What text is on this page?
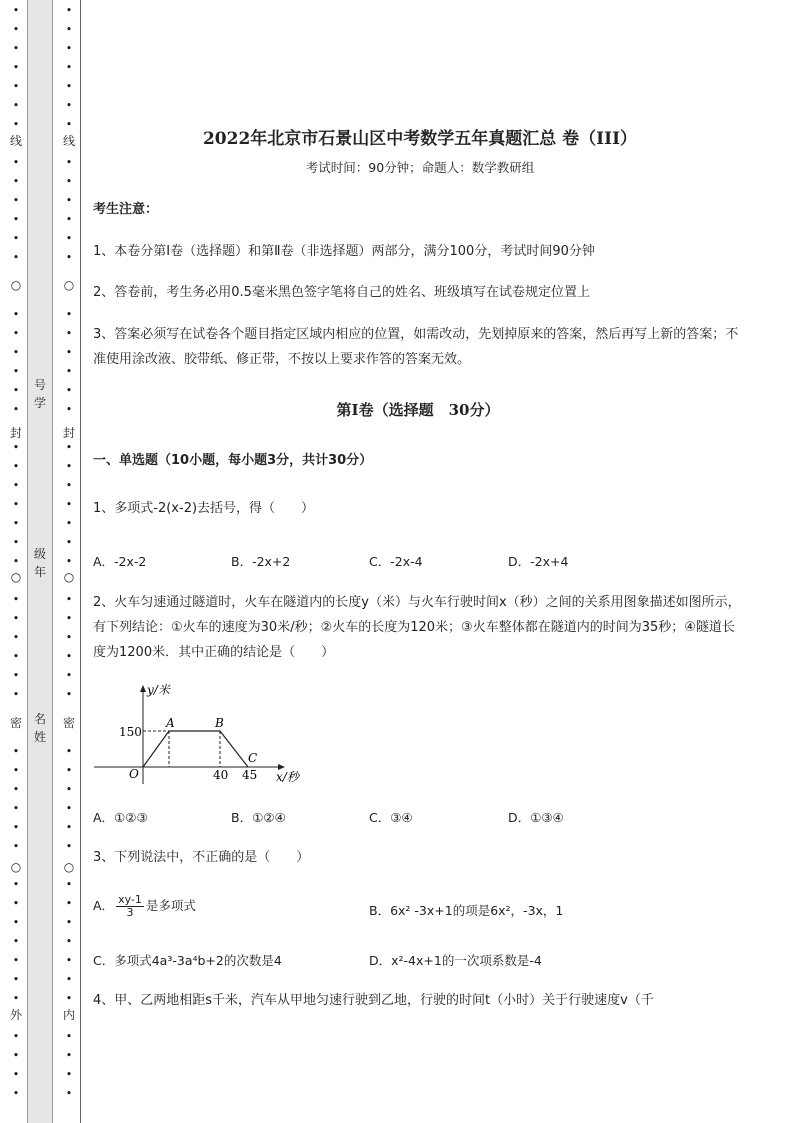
•
•
•
•
•
•
•
•
•
•
•
•
•
•
•
•
•
•
•
•
•
•
•
•
•
•
•
•
•
•
•
•
•
•
•
•
•
•
•
•
•
•
•
•
•
•
•
•
•
线
○
封
○
密
○
外
•
•
•
•
•
•
•
•
•
•
•
•
•
•
•
•
•
•
•
•
•
•
•
•
•
•
•
•
•
•
•
•
•
•
•
•
•
•
•
•
•
•
•
•
•
•
•
•
•
线
○
封
○
密
○
内
号学
级年
名姓
2022年北京市石景山区中考数学五年真题汇总 卷（III）
考试时间：90分钟；命题人：数学教研组
考生注意：
1、本卷分第I卷（选择题）和第Ⅱ卷（非选择题）两部分，满分100分，考试时间90分钟
2、答卷前，考生务必用0.5毫米黑色签字笔将自己的姓名、班级填写在试卷规定位置上
3、答案必须写在试卷各个题目指定区域内相应的位置，如需改动，先划掉原来的答案，然后再写上新的答案；不准使用涂改液、胶带纸、修正带，不按以上要求作答的答案无效。
第I卷（选择题　30分）
一、单选题（10小题，每小题3分，共计30分）
1、多项式-2(x-2)去括号，得（　　）
A．-2x-2	B．-2x+2	C．-2x-4	D．-2x+4
2、火车匀速通过隧道时，火车在隧道内的长度y（米）与火车行驶时间x（秒）之间的关系用图象描述如图所示，有下列结论：①火车的速度为30米/秒；②火车的长度为120米；③火车整体都在隧道内的时间为35秒；④隧道长度为1200米．其中正确的结论是（　　）
y/米
x/秒
O
A	B
C
150
40 45
A．①②③	B．①②④	C．③④	D．①③④
3、下列说法中，不正确的是（　　）
A． $\frac{xy-1}{3}$ 是多项式	B．6x² -3x+1的项是6x²，-3x，1
C．多项式4a³-3a⁴b+2的次数是4	D．x²-4x+1的一次项系数是-4
4、甲、乙两地相距s千米，汽车从甲地匀速行驶到乙地，行驶的时间t（小时）关于行驶速度v（千
